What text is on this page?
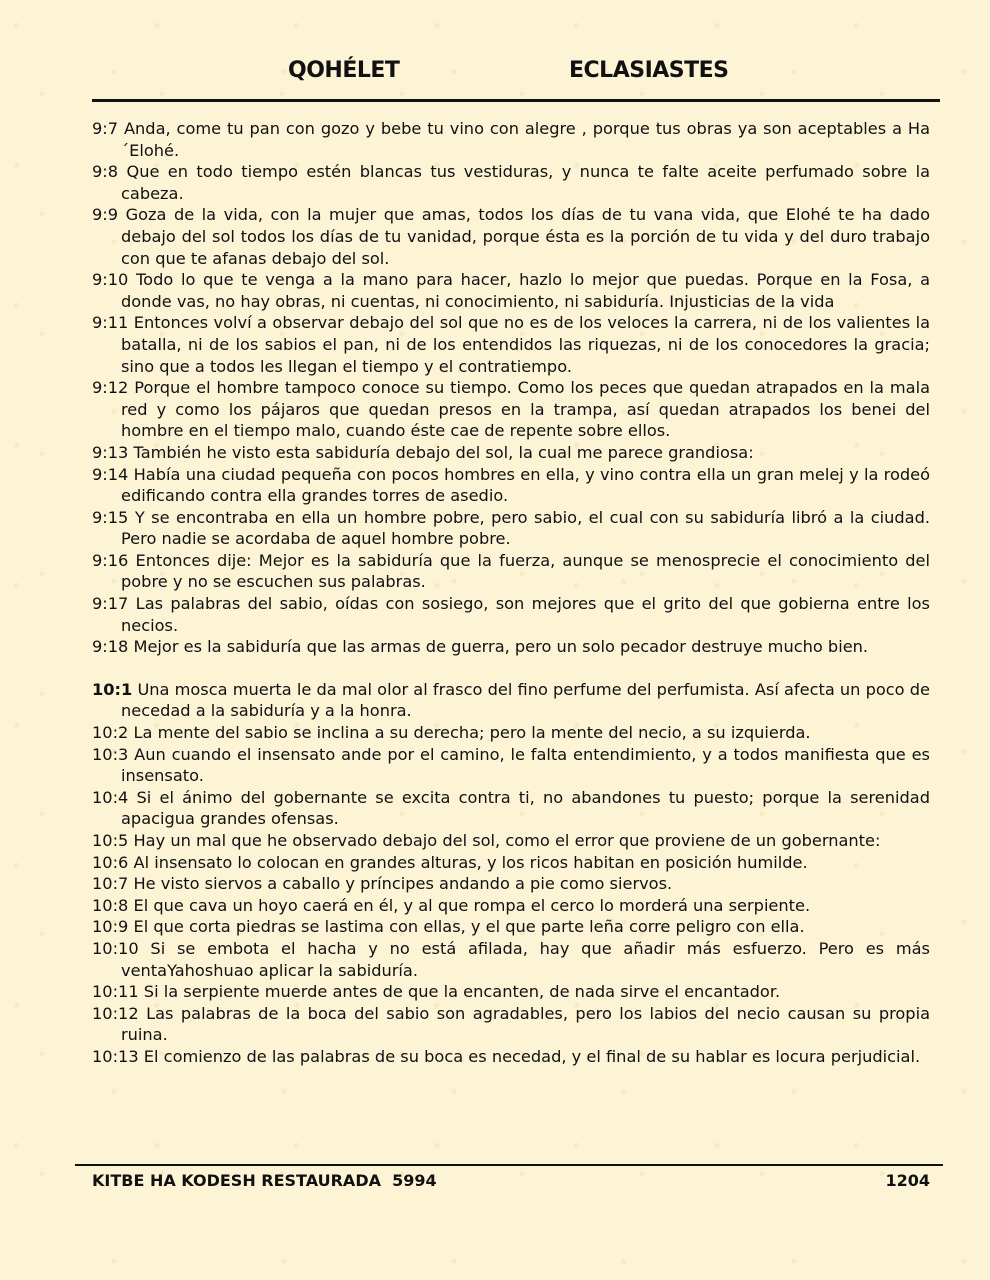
QOHÉLET	ECLASIASTES

9:7 Anda, come tu pan con gozo y bebe tu vino con alegre , porque tus obras ya son aceptables a Ha´Elohé.

9:8 Que en todo tiempo estén blancas tus vestiduras, y nunca te falte aceite perfumado sobre la cabeza.

9:9 Goza de la vida, con la mujer que amas, todos los días de tu vana vida, que Elohé te ha dado debajo del sol todos los días de tu vanidad, porque ésta es la porción de tu vida y del duro trabajo con que te afanas debajo del sol.

9:10 Todo lo que te venga a la mano para hacer, hazlo lo mejor que puedas. Porque en la Fosa, a donde vas, no hay obras, ni cuentas, ni conocimiento, ni sabiduría. Injusticias de la vida

9:11 Entonces volví a observar debajo del sol que no es de los veloces la carrera, ni de los valientes la batalla, ni de los sabios el pan, ni de los entendidos las riquezas, ni de los conocedores la gracia; sino que a todos les llegan el tiempo y el contratiempo.

9:12 Porque el hombre tampoco conoce su tiempo. Como los peces que quedan atrapados en la mala red y como los pájaros que quedan presos en la trampa, así quedan atrapados los benei del hombre en el tiempo malo, cuando éste cae de repente sobre ellos.

9:13 También he visto esta sabiduría debajo del sol, la cual me parece grandiosa:

9:14 Había una ciudad pequeña con pocos hombres en ella, y vino contra ella un gran melej y la rodeó edificando contra ella grandes torres de asedio.

9:15 Y se encontraba en ella un hombre pobre, pero sabio, el cual con su sabiduría libró a la ciudad. Pero nadie se acordaba de aquel hombre pobre.

9:16 Entonces dije: Mejor es la sabiduría que la fuerza, aunque se menosprecie el conocimiento del pobre y no se escuchen sus palabras.

9:17 Las palabras del sabio, oídas con sosiego, son mejores que el grito del que gobierna entre los necios.

9:18 Mejor es la sabiduría que las armas de guerra, pero un solo pecador destruye mucho bien.

10:1 Una mosca muerta le da mal olor al frasco del fino perfume del perfumista. Así afecta un poco de necedad a la sabiduría y a la honra.

10:2 La mente del sabio se inclina a su derecha; pero la mente del necio, a su izquierda.

10:3 Aun cuando el insensato ande por el camino, le falta entendimiento, y a todos manifiesta que es insensato.

10:4 Si el ánimo del gobernante se excita contra ti, no abandones tu puesto; porque la serenidad apacigua grandes ofensas.

10:5 Hay un mal que he observado debajo del sol, como el error que proviene de un gobernante:

10:6 Al insensato lo colocan en grandes alturas, y los ricos habitan en posición humilde.

10:7 He visto siervos a caballo y príncipes andando a pie como siervos.

10:8 El que cava un hoyo caerá en él, y al que rompa el cerco lo morderá una serpiente.

10:9 El que corta piedras se lastima con ellas, y el que parte leña corre peligro con ella.

10:10 Si se embota el hacha y no está afilada, hay que añadir más esfuerzo. Pero es más ventaYahoshuao aplicar la sabiduría.

10:11 Si la serpiente muerde antes de que la encanten, de nada sirve el encantador.

10:12 Las palabras de la boca del sabio son agradables, pero los labios del necio causan su propia ruina.

10:13 El comienzo de las palabras de su boca es necedad, y el final de su hablar es locura perjudicial.

KITBE HA KODESH RESTAURADA  5994	1204
